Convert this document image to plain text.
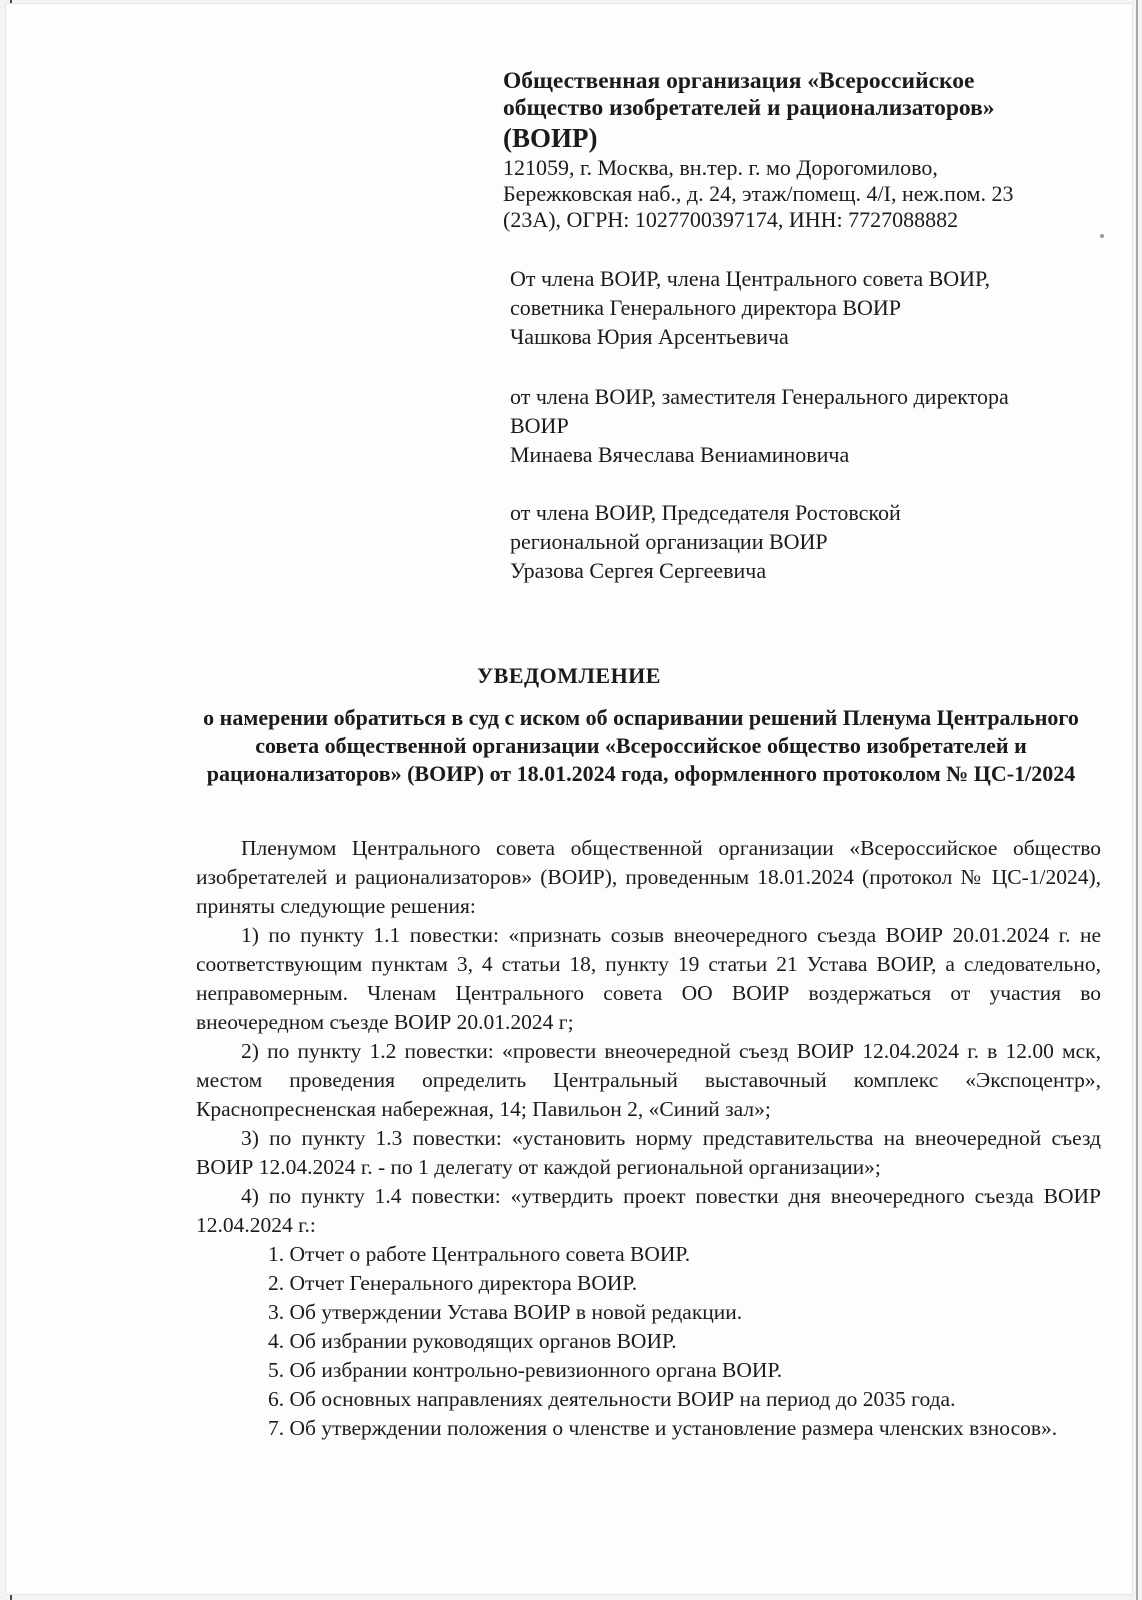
Общественная организация «Всероссийское

общество изобретателей и рационализаторов»

(ВОИР)

121059, г. Москва, вн.тер. г. мо Дорогомилово,

Бережковская наб., д. 24, этаж/помещ. 4/I, неж.пом. 23

(23А), ОГРН: 1027700397174, ИНН: 7727088882

От члена ВОИР, члена Центрального совета ВОИР,

советника Генерального директора ВОИР

Чашкова Юрия Арсентьевича

от члена ВОИР, заместителя Генерального директора

ВОИР

Минаева Вячеслава Вениаминовича

от члена ВОИР, Председателя Ростовской

региональной организации ВОИР

Уразова Сергея Сергеевича

УВЕДОМЛЕНИЕ

о намерении обратиться в суд с иском об оспаривании решений Пленума Центрального совета общественной организации «Всероссийское общество изобретателей и рационализаторов» (ВОИР) от 18.01.2024 года, оформленного протоколом № ЦС-1/2024

Пленумом Центрального совета общественной организации «Всероссийское общество изобретателей и рационализаторов» (ВОИР), проведенным 18.01.2024 (протокол № ЦС-1/2024), приняты следующие решения:

1) по пункту 1.1 повестки: «признать созыв внеочередного съезда ВОИР 20.01.2024 г. не соответствующим пунктам 3, 4 статьи 18, пункту 19 статьи 21 Устава ВОИР, а следовательно, неправомерным. Членам Центрального совета ОО ВОИР воздержаться от участия во внеочередном съезде ВОИР 20.01.2024 г;

2) по пункту 1.2 повестки: «провести внеочередной съезд ВОИР 12.04.2024 г. в 12.00 мск, местом проведения определить Центральный выставочный комплекс «Экспоцентр», Краснопресненская набережная, 14; Павильон 2, «Синий зал»;

3) по пункту 1.3 повестки: «установить норму представительства на внеочередной съезд ВОИР 12.04.2024 г. - по 1 делегату от каждой региональной организации»;

4) по пункту 1.4 повестки: «утвердить проект повестки дня внеочередного съезда ВОИР 12.04.2024 г.:

1. Отчет о работе Центрального совета ВОИР.

2. Отчет Генерального директора ВОИР.

3. Об утверждении Устава ВОИР в новой редакции.

4. Об избрании руководящих органов ВОИР.

5. Об избрании контрольно-ревизионного органа ВОИР.

6. Об основных направлениях деятельности ВОИР на период до 2035 года.

7. Об утверждении положения о членстве и установление размера членских взносов».
